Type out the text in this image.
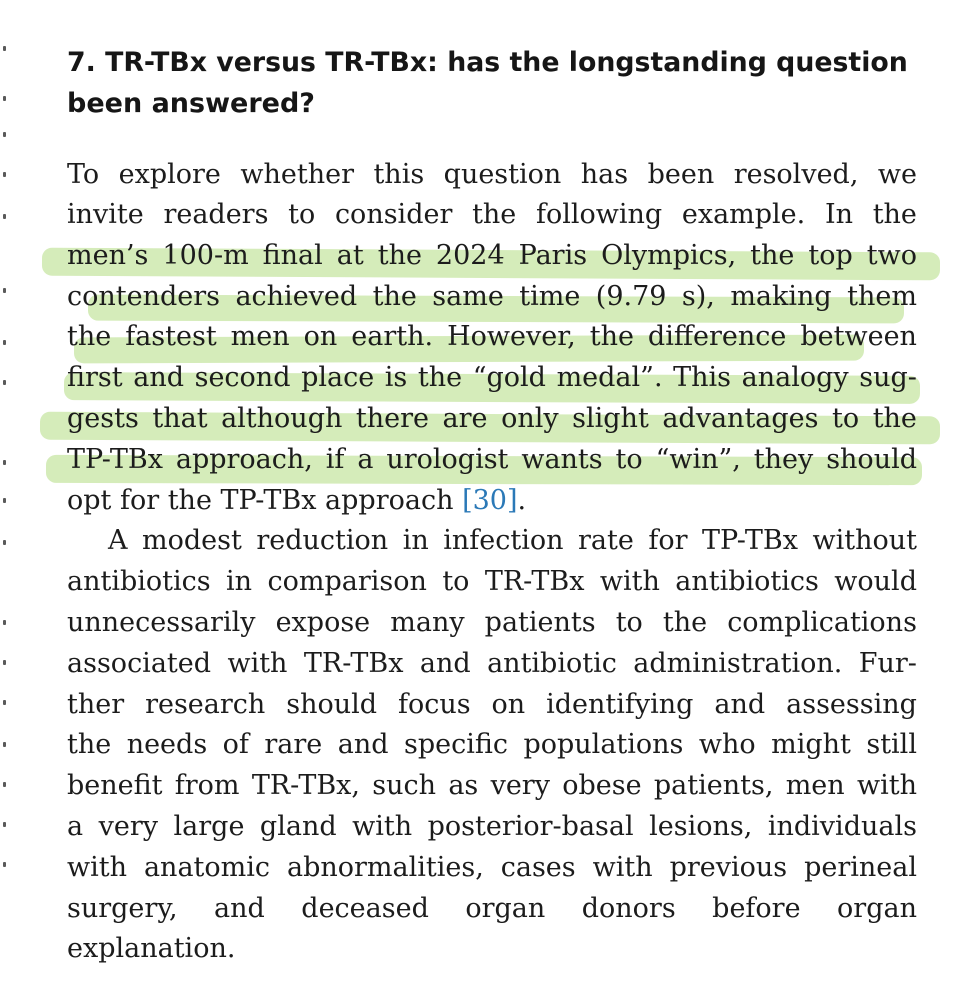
7. TR-TBx versus TR-TBx: has the longstanding question
been answered?
To explore whether this question has been resolved, we
invite readers to consider the following example. In the
men’s 100-m final at the 2024 Paris Olympics, the top two
contenders achieved the same time (9.79 s), making them
the fastest men on earth. However, the difference between
first and second place is the “gold medal”. This analogy sug-
gests that although there are only slight advantages to the
TP-TBx approach, if a urologist wants to “win”, they should
opt for the TP-TBx approach
[30] .
A modest reduction in infection rate for TP-TBx without
antibiotics in comparison to TR-TBx with antibiotics would
unnecessarily expose many patients to the complications
associated with TR-TBx and antibiotic administration. Fur-
ther research should focus on identifying and assessing
the needs of rare and specific populations who might still
benefit from TR-TBx, such as very obese patients, men with
a very large gland with posterior-basal lesions, individuals
with anatomic abnormalities, cases with previous perineal
surgery, and deceased organ donors before organ
explanation.
